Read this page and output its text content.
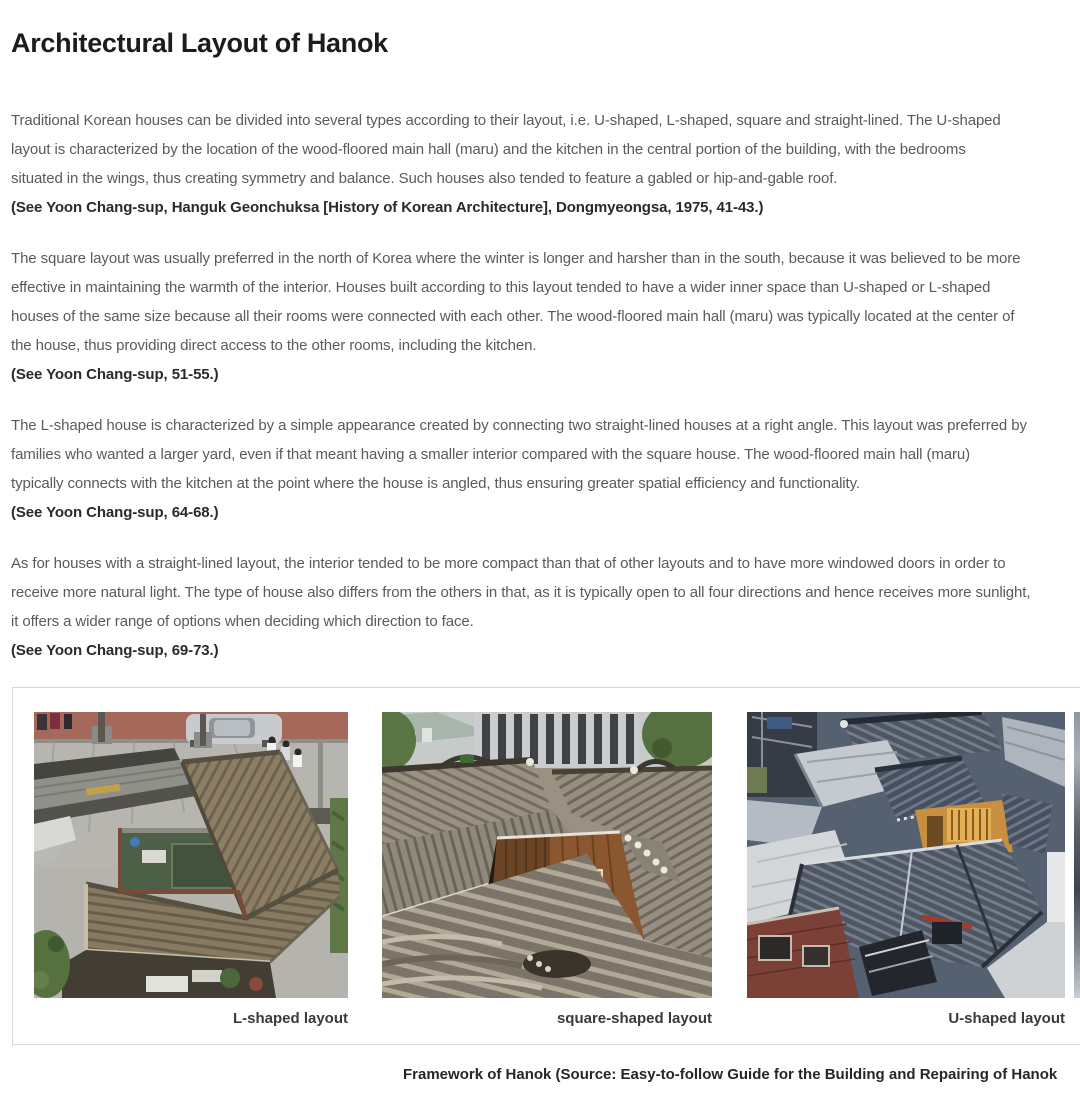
Architectural Layout of Hanok
Traditional Korean houses can be divided into several types according to their layout, i.e. U-shaped, L-shaped, square and straight-lined. The U-shaped
layout is characterized by the location of the wood-floored main hall (maru) and the kitchen in the central portion of the building, with the bedrooms
situated in the wings, thus creating symmetry and balance. Such houses also tended to feature a gabled or hip-and-gable roof.
(See Yoon Chang-sup, Hanguk Geonchuksa [History of Korean Architecture], Dongmyeongsa, 1975, 41-43.)
The square layout was usually preferred in the north of Korea where the winter is longer and harsher than in the south, because it was believed to be more
effective in maintaining the warmth of the interior. Houses built according to this layout tended to have a wider inner space than U-shaped or L-shaped
houses of the same size because all their rooms were connected with each other. The wood-floored main hall (maru) was typically located at the center of
the house, thus providing direct access to the other rooms, including the kitchen.
(See Yoon Chang-sup, 51-55.)
The L-shaped house is characterized by a simple appearance created by connecting two straight-lined houses at a right angle. This layout was preferred by
families who wanted a larger yard, even if that meant having a smaller interior compared with the square house. The wood-floored main hall (maru)
typically connects with the kitchen at the point where the house is angled, thus ensuring greater spatial efficiency and functionality.
(See Yoon Chang-sup, 64-68.)
As for houses with a straight-lined layout, the interior tended to be more compact than that of other layouts and to have more windowed doors in order to
receive more natural light. The type of house also differs from the others in that, as it is typically open to all four directions and hence receives more sunlight,
it offers a wider range of options when deciding which direction to face.
(See Yoon Chang-sup, 69-73.)
L-shaped layout	square-shaped layout	U-shaped layout
Framework of Hanok (Source: Easy-to-follow Guide for the Building and Repairing of Hanok
